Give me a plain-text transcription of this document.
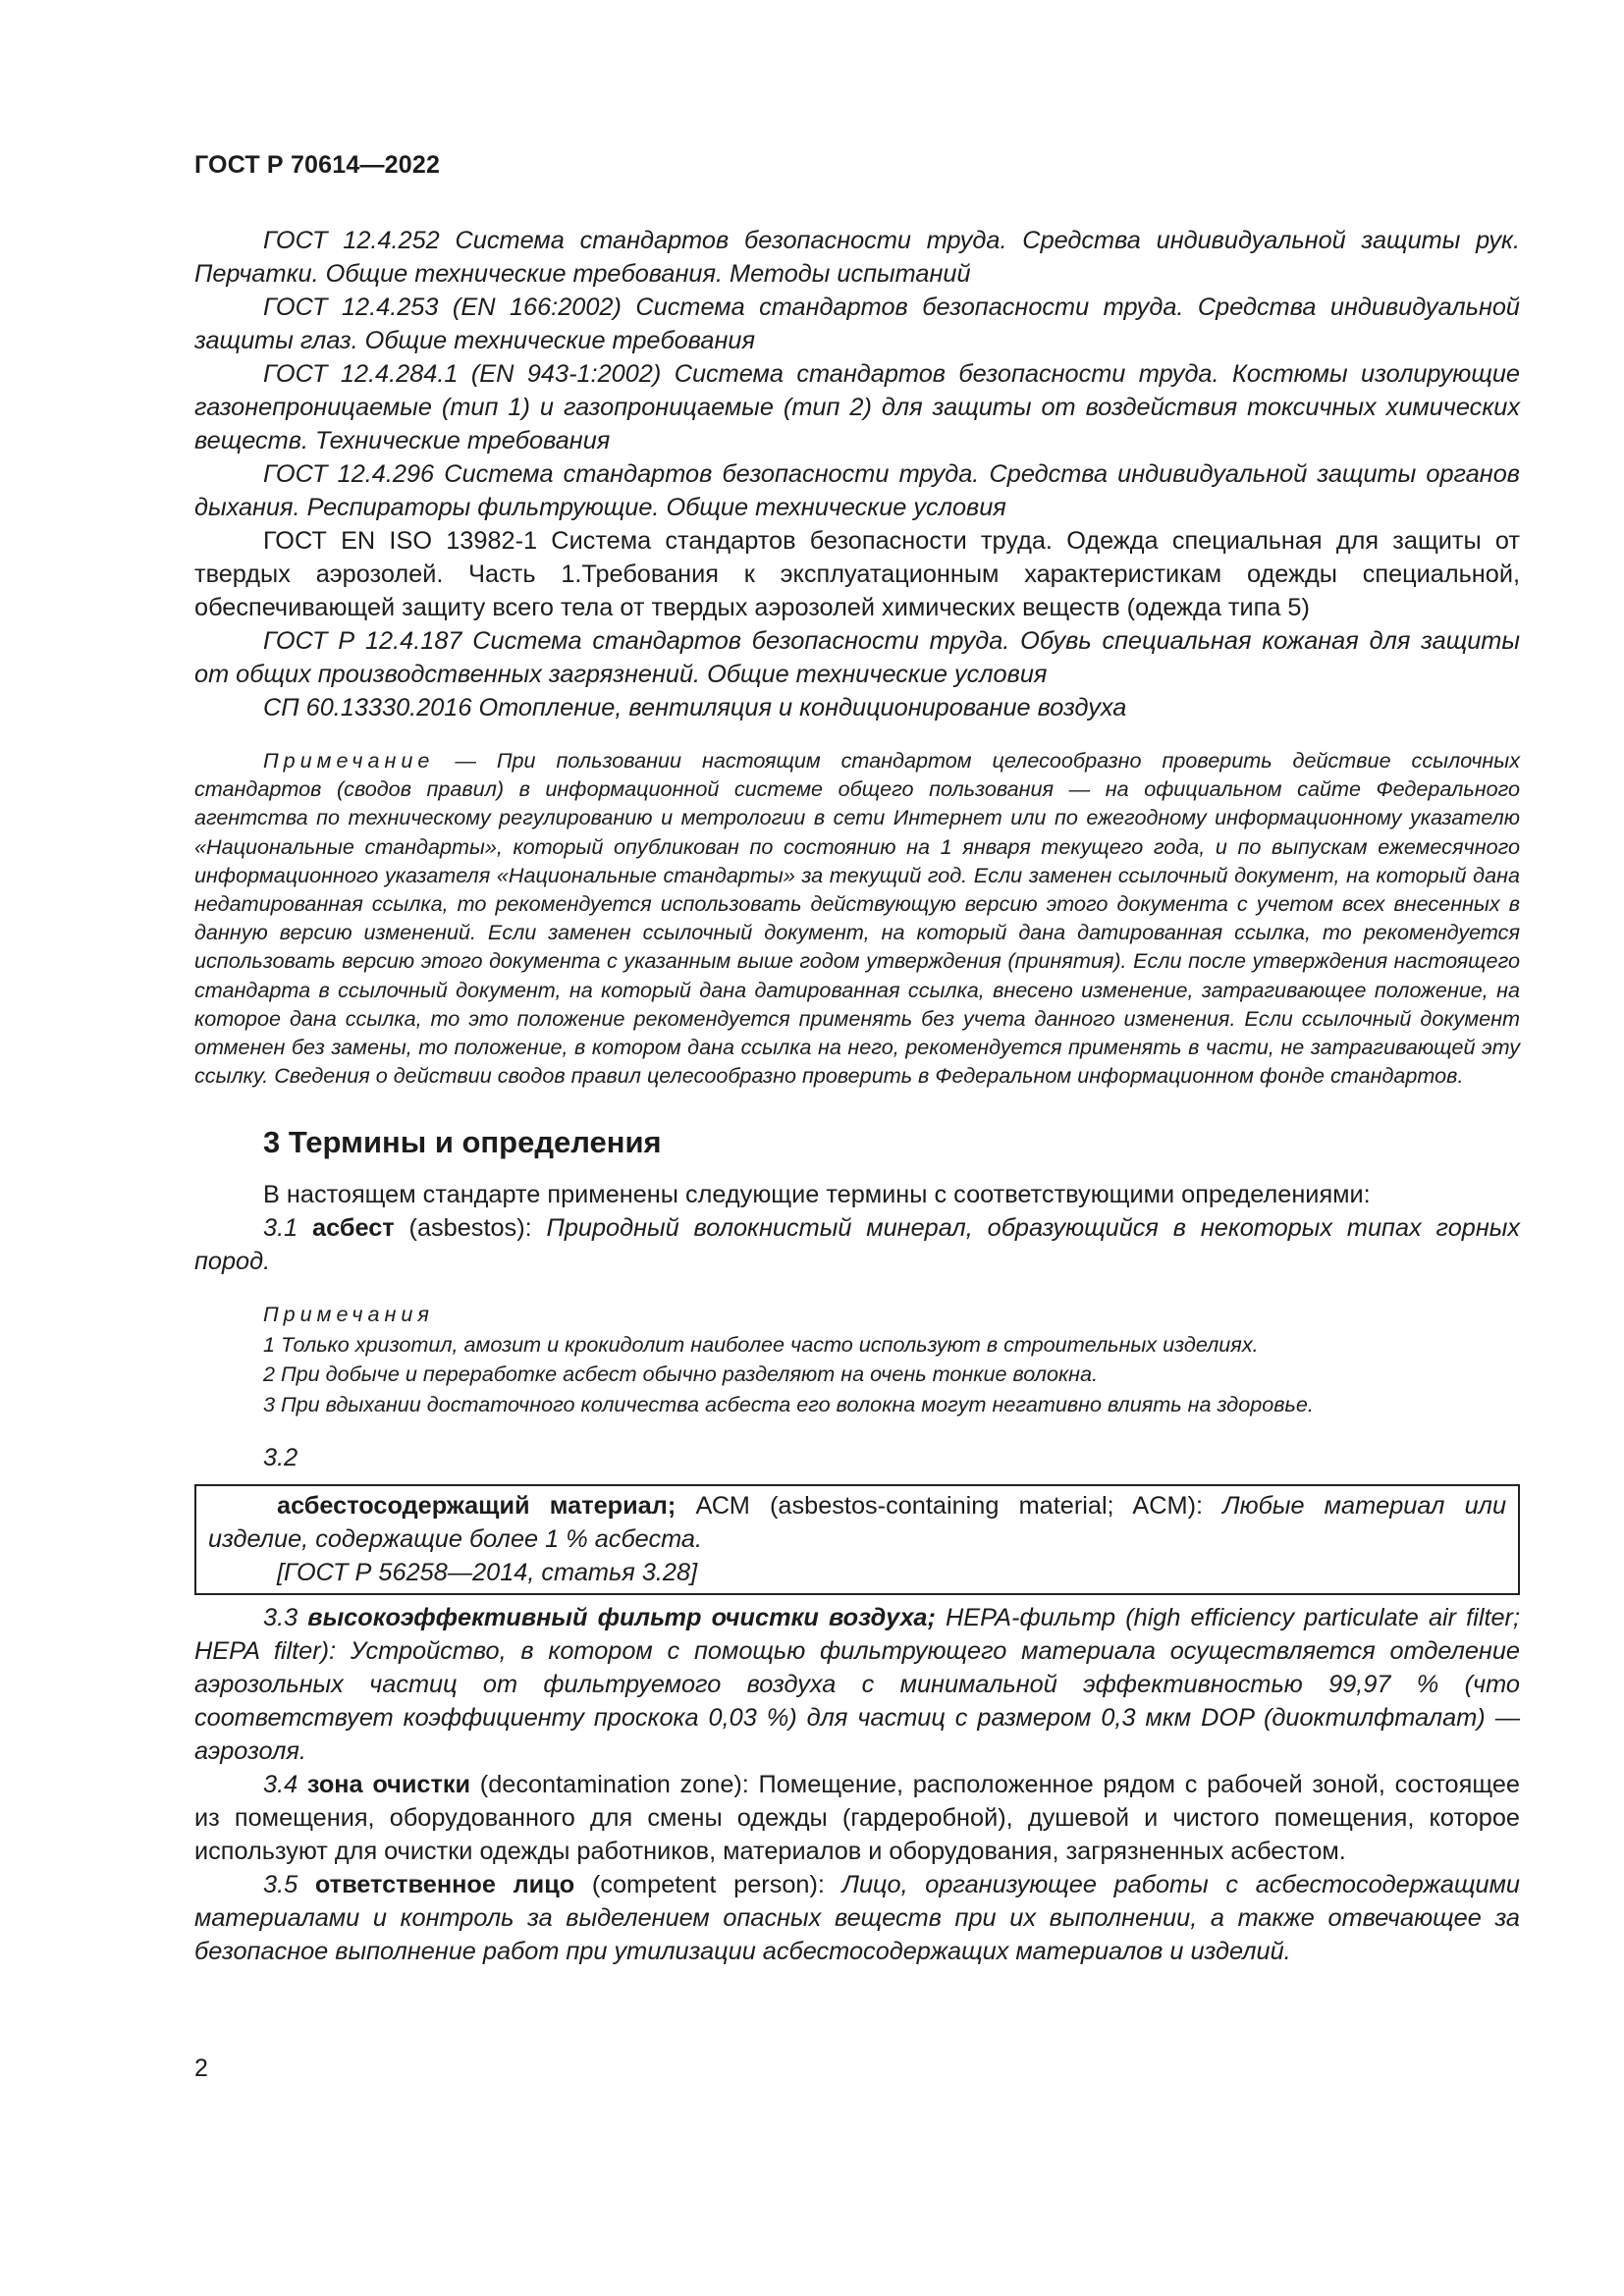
ГОСТ Р 70614—2022

ГОСТ 12.4.252 Система стандартов безопасности труда. Средства индивидуальной защиты рук. Перчатки. Общие технические требования. Методы испытаний

ГОСТ 12.4.253 (EN 166:2002) Система стандартов безопасности труда. Средства индивидуальной защиты глаз. Общие технические требования

ГОСТ 12.4.284.1 (EN 943-1:2002) Система стандартов безопасности труда. Костюмы изолирующие газонепроницаемые (тип 1) и газопроницаемые (тип 2) для защиты от воздействия токсичных химических веществ. Технические требования

ГОСТ 12.4.296 Система стандартов безопасности труда. Средства индивидуальной защиты органов дыхания. Респираторы фильтрующие. Общие технические условия

ГОСТ EN ISO 13982-1 Система стандартов безопасности труда. Одежда специальная для защиты от твердых аэрозолей. Часть 1.Требования к эксплуатационным характеристикам одежды специальной, обеспечивающей защиту всего тела от твердых аэрозолей химических веществ (одежда типа 5)

ГОСТ Р 12.4.187 Система стандартов безопасности труда. Обувь специальная кожаная для защиты от общих производственных загрязнений. Общие технические условия

СП 60.13330.2016 Отопление, вентиляция и кондиционирование воздуха

Примечание — При пользовании настоящим стандартом целесообразно проверить действие ссылочных стандартов (сводов правил) в информационной системе общего пользования — на официальном сайте Федерального агентства по техническому регулированию и метрологии в сети Интернет или по ежегодному информационному указателю «Национальные стандарты», который опубликован по состоянию на 1 января текущего года, и по выпускам ежемесячного информационного указателя «Национальные стандарты» за текущий год. Если заменен ссылочный документ, на который дана недатированная ссылка, то рекомендуется использовать действующую версию этого документа с учетом всех внесенных в данную версию изменений. Если заменен ссылочный документ, на который дана датированная ссылка, то рекомендуется использовать версию этого документа с указанным выше годом утверждения (принятия). Если после утверждения настоящего стандарта в ссылочный документ, на который дана датированная ссылка, внесено изменение, затрагивающее положение, на которое дана ссылка, то это положение рекомендуется применять без учета данного изменения. Если ссылочный документ отменен без замены, то положение, в котором дана ссылка на него, рекомендуется применять в части, не затрагивающей эту ссылку. Сведения о действии сводов правил целесообразно проверить в Федеральном информационном фонде стандартов.
3 Термины и определения

В настоящем стандарте применены следующие термины с соответствующими определениями:

3.1 асбест (asbestos): Природный волокнистый минерал, образующийся в некоторых типах горных пород.

Примечания
1 Только хризотил, амозит и крокидолит наиболее часто используют в строительных изделиях.
2 При добыче и переработке асбест обычно разделяют на очень тонкие волокна.
3 При вдыхании достаточного количества асбеста его волокна могут негативно влиять на здоровье.
3.2

асбестосодержащий материал; АСМ (asbestos-containing material; ACM): Любые материал или изделие, содержащие более 1 % асбеста.

[ГОСТ Р 56258—2014, статья 3.28]

3.3 высокоэффективный фильтр очистки воздуха; HEPA-фильтр (high efficiency particulate air filter; HEPA filter): Устройство, в котором с помощью фильтрующего материала осуществляется отделение аэрозольных частиц от фильтруемого воздуха с минимальной эффективностью 99,97 % (что соответствует коэффициенту проскока 0,03 %) для частиц с размером 0,3 мкм DOP (диоктилфталат) — аэрозоля.

3.4 зона очистки (decontamination zone): Помещение, расположенное рядом с рабочей зоной, состоящее из помещения, оборудованного для смены одежды (гардеробной), душевой и чистого помещения, которое используют для очистки одежды работников, материалов и оборудования, загрязненных асбестом.

3.5 ответственное лицо (competent person): Лицо, организующее работы с асбестосодержащими материалами и контроль за выделением опасных веществ при их выполнении, а также отвечающее за безопасное выполнение работ при утилизации асбестосодержащих материалов и изделий.

2
